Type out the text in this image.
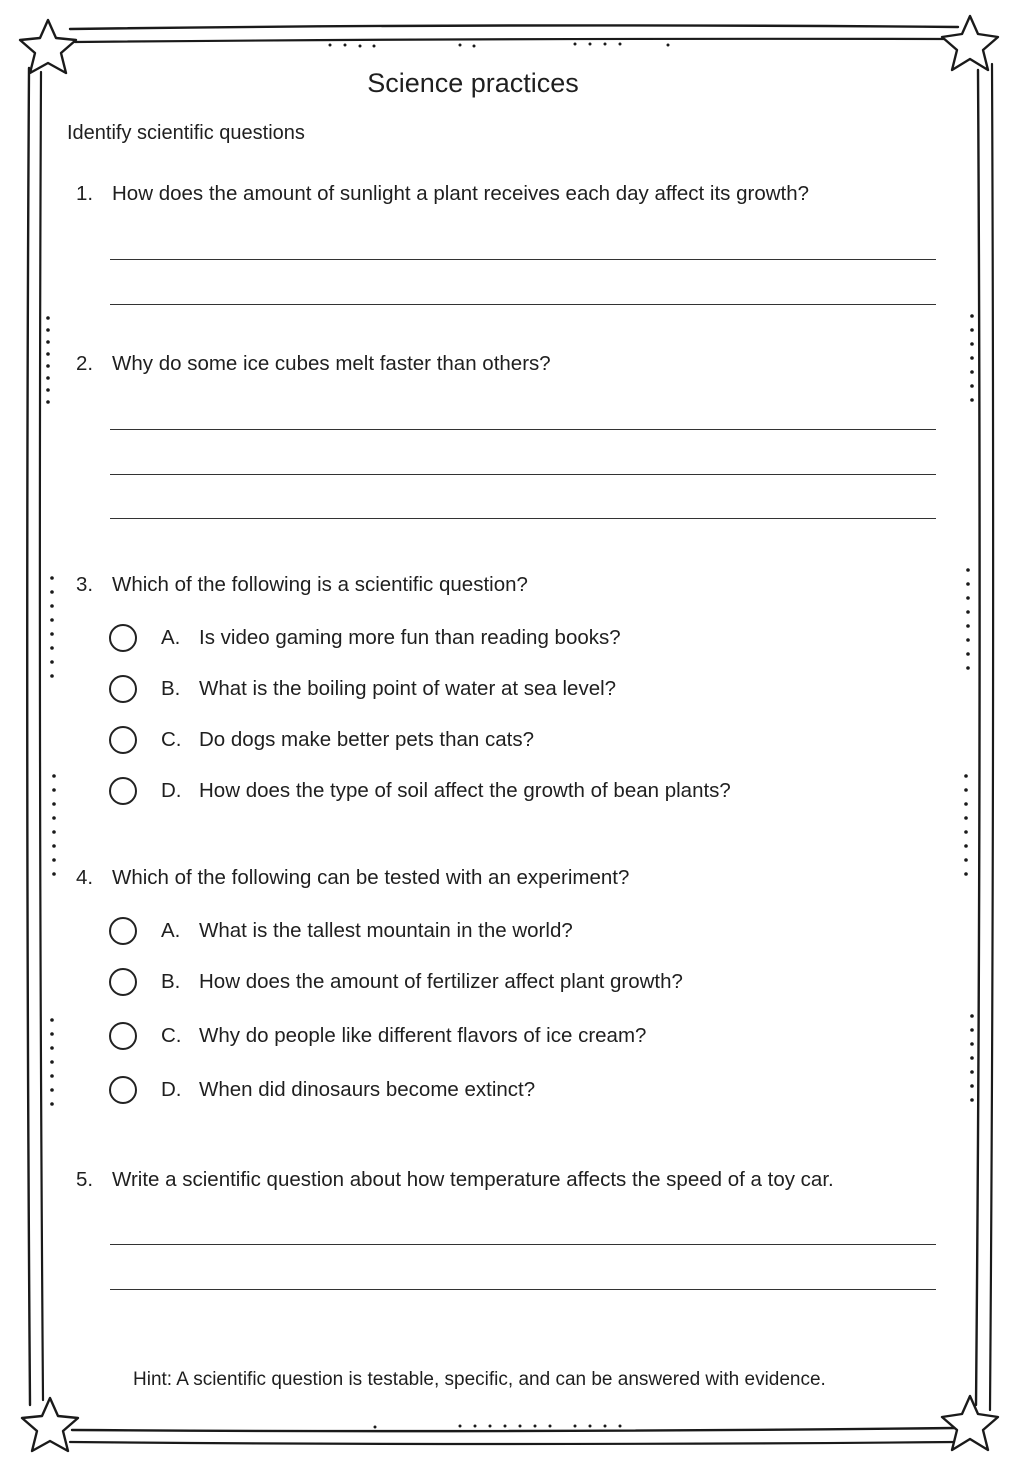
Science practices
Identify scientific questions
1. How does the amount of sunlight a plant receives each day affect its growth?
2. Why do some ice cubes melt faster than others?
3. Which of the following is a scientific question?
A. Is video gaming more fun than reading books?
B. What is the boiling point of water at sea level?
C. Do dogs make better pets than cats?
D. How does the type of soil affect the growth of bean plants?
4. Which of the following can be tested with an experiment?
A. What is the tallest mountain in the world?
B. How does the amount of fertilizer affect plant growth?
C. Why do people like different flavors of ice cream?
D. When did dinosaurs become extinct?
5. Write a scientific question about how temperature affects the speed of a toy car.
Hint: A scientific question is testable, specific, and can be answered with evidence.
